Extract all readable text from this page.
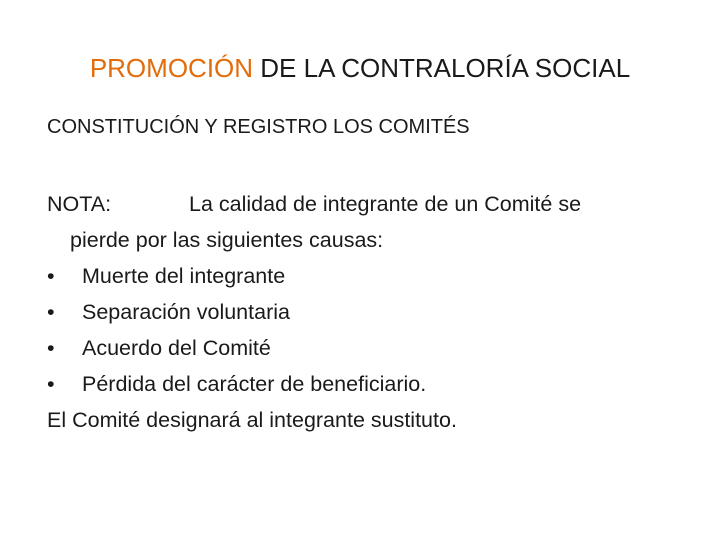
PROMOCIÓN DE LA CONTRALORÍA SOCIAL
CONSTITUCIÓN Y REGISTRO LOS COMITÉS
NOTA:	La calidad de integrante de un Comité se
pierde por las siguientes causas:
• Muerte del integrante
• Separación voluntaria
• Acuerdo del Comité
• Pérdida del carácter de beneficiario.
El Comité designará al integrante sustituto.
